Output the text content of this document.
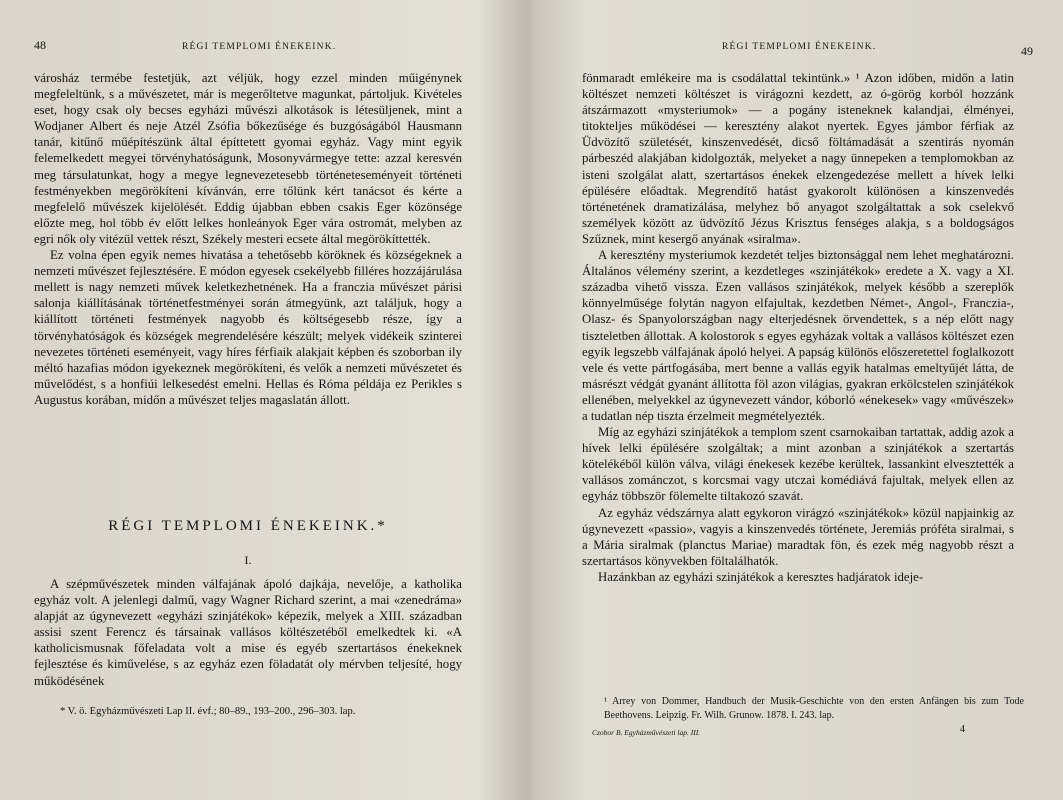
48	RÉGI TEMPLOMI ÉNEKEINK.

városház termébe festetjük, azt véljük, hogy ezzel minden műigénynek megfeleltünk, s a művészetet, már is megerőltetve magunkat, pártoljuk. Kivételes eset, hogy csak oly becses egyházi művészi alkotások is létesüljenek, mint a Wodjaner Albert és neje Atzél Zsófia bőkezűsége és buzgóságából Hausmann tanár, kitűnő műépítészünk által építtetett gyomai egyház. Vagy mint egyik felemelkedett megyei törvényhatóságunk, Mosonyvármegye tette: azzal keresvén meg társulatunkat, hogy a megye legnevezetesebb történeteseményeit történeti festményekben megörökíteni kívánván, erre tőlünk kért tanácsot és kérte a megfelelő művészek kijelölését. Eddig újabban ebben csakis Eger közönsége előzte meg, hol több év előtt lelkes honleányok Eger vára ostromát, melyben az egri nők oly vitézül vettek részt, Székely mesteri ecsete által megörökíttették.

Ez volna épen egyik nemes hivatása a tehetősebb köröknek és községeknek a nemzeti művészet fejlesztésére. E módon egyesek csekélyebb filléres hozzájárulása mellett is nagy nemzeti művek keletkezhetnének. Ha a franczia művészet párisi salonja kiállításának történetfestményei során átmegyünk, azt találjuk, hogy a kiállított történeti festmények nagyobb és költségesebb része, így a törvényhatóságok és községek megrendelésére készült; melyek vidékeik szinterei nevezetes történeti eseményeit, vagy híres férfiaik alakjait képben és szoborban ily méltó hazafias módon igyekeznek megörökíteni, és velők a nemzeti művészetet és művelődést, s a honfiúi lelkesedést emelni. Hellas és Róma példája ez Perikles s Augustus korában, midőn a művészet teljes magaslatán állott.

RÉGI TEMPLOMI ÉNEKEINK.*
I.

A szépművészetek minden válfajának ápoló dajkája, nevelője, a katholika egyház volt. A jelenlegi dalmű, vagy Wagner Richard szerint, a mai «zenedráma» alapját az úgynevezett «egyházi szinjátékok» képezik, melyek a XIII. században assisi szent Ferencz és társainak vallásos költészetéből emelkedtek ki. «A katholicismusnak főfeladata volt a mise és egyéb szertartásos énekeknek fejlesztése és kiművelése, s az egyház ezen föladatát oly mérvben teljesíté, hogy működésének

* V. ö. Egyházművészeti Lap II. évf.; 80–89., 193–200., 296–303. lap.
RÉGI TEMPLOMI ÉNEKEINK.	49

fönmaradt emlékeire ma is csodálattal tekintünk.» ¹ Azon időben, midőn a latin költészet nemzeti költészet is virágozni kezdett, az ó-görög korból hozzánk átszármazott «mysteriumok» — a pogány isteneknek kalandjai, élményei, titokteljes működései — keresztény alakot nyertek. Egyes jámbor férfiak az Üdvözítő születését, kinszenvedését, dicső föltámadását a szentirás nyomán párbeszéd alakjában kidolgozták, melyeket a nagy ünnepeken a templomokban az isteni szolgálat alatt, szertartásos énekek elzengedezése mellett a hívek lelki épülésére előadtak. Megrendítő hatást gyakorolt különösen a kinszenvedés történetének dramatizálása, melyhez bő anyagot szolgáltattak a sok cselekvő személyek között az üdvözítő Jézus Krisztus fenséges alakja, s a boldogságos Szűznek, mint kesergő anyának «siralma».

A keresztény mysteriumok kezdetét teljes biztonsággal nem lehet meghatározni. Általános vélemény szerint, a kezdetleges «szinjátékok» eredete a X. vagy a XI. századba vihető vissza. Ezen vallásos szinjátékok, melyek később a szereplők könnyelműsége folytán nagyon elfajultak, kezdetben Német-, Angol-, Franczia-, Olasz- és Spanyolországban nagy elterjedésnek örvendettek, s a nép előtt nagy tiszteletben állottak. A kolostorok s egyes egyházak voltak a vallásos költészet ezen egyik legszebb válfajának ápoló helyei. A papság különös előszeretettel foglalkozott vele és vette pártfogásába, mert benne a vallás egyik hatalmas emeltyűjét látta, de másrészt védgát gyanánt állította föl azon világias, gyakran erkölcstelen szinjátékok ellenében, melyekkel az úgynevezett vándor, kóborló «énekesek» vagy «művészek» a tudatlan nép tiszta érzelmeit megmételyezték.

Míg az egyházi szinjátékok a templom szent csarnokaiban tartattak, addig azok a hívek lelki épülésére szolgáltak; a mint azonban a szinjátékok a szertartás kötelékéből külön válva, világi énekesek kezébe kerültek, lassankint elvesztették a vallásos zománczot, s korcsmai vagy utczai komédiává fajultak, melyek ellen az egyház többször fölemelte tiltakozó szavát.

Az egyház védszárnya alatt egykoron virágzó «szinjátékok» közül napjainkig az úgynevezett «passio», vagyis a kinszenvedés története, Jeremiás próféta siralmai, s a Mária siralmak (planctus Mariae) maradtak fön, és ezek még nagyobb részt a szertartásos könyvekben föltalálhatók.

Hazánkban az egyházi szinjátékok a keresztes hadjáratok ideje-

¹ Arrey von Dommer, Handbuch der Musik-Geschichte von den ersten Anfängen bis zum Tode Beethovens. Leipzig. Fr. Wilh. Grunow. 1878. I. 243. lap.
Czobor B. Egyházművészeti lap. III.	4
